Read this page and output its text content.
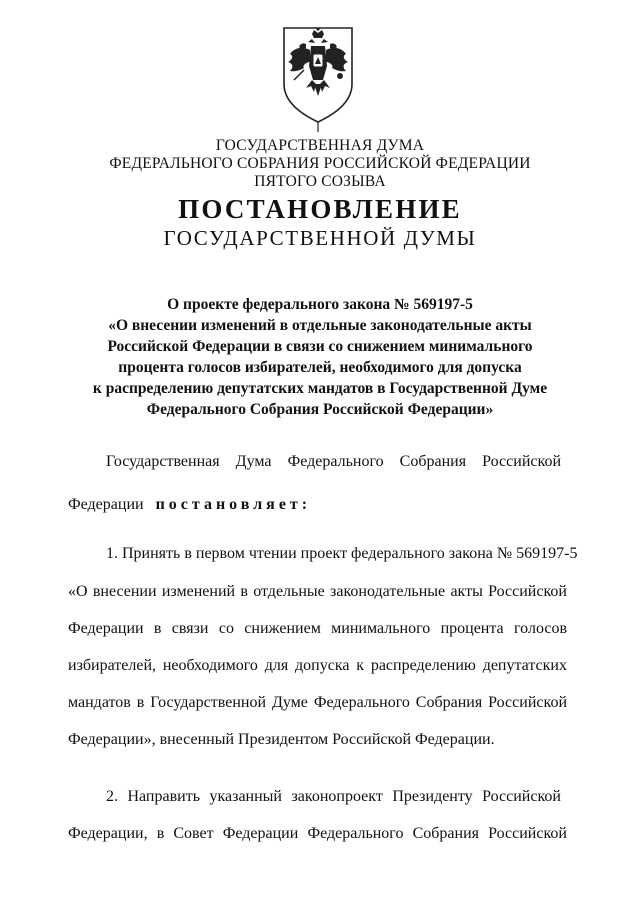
ГОСУДАРСТВЕННАЯ ДУМА
ФЕДЕРАЛЬНОГО СОБРАНИЯ РОССИЙСКОЙ ФЕДЕРАЦИИ
ПЯТОГО СОЗЫВА
ПОСТАНОВЛЕНИЕ
ГОСУДАРСТВЕННОЙ ДУМЫ
О проекте федерального закона № 569197-5
«О внесении изменений в отдельные законодательные акты
Российской Федерации в связи со снижением минимального
процента голосов избирателей, необходимого для допуска
к распределению депутатских мандатов в Государственной Думе
Федерального Собрания Российской Федерации»
Государственная Дума Федерального Собрания Российской
Федерации постановляет:
1. Принять в первом чтении проект федерального закона № 569197-5
«О внесении изменений в отдельные законодательные акты Российской
Федерации в связи со снижением минимального процента голосов
избирателей, необходимого для допуска к распределению депутатских
мандатов в Государственной Думе Федерального Собрания Российской
Федерации», внесенный Президентом Российской Федерации.
2. Направить указанный законопроект Президенту Российской
Федерации, в Совет Федерации Федерального Собрания Российской
